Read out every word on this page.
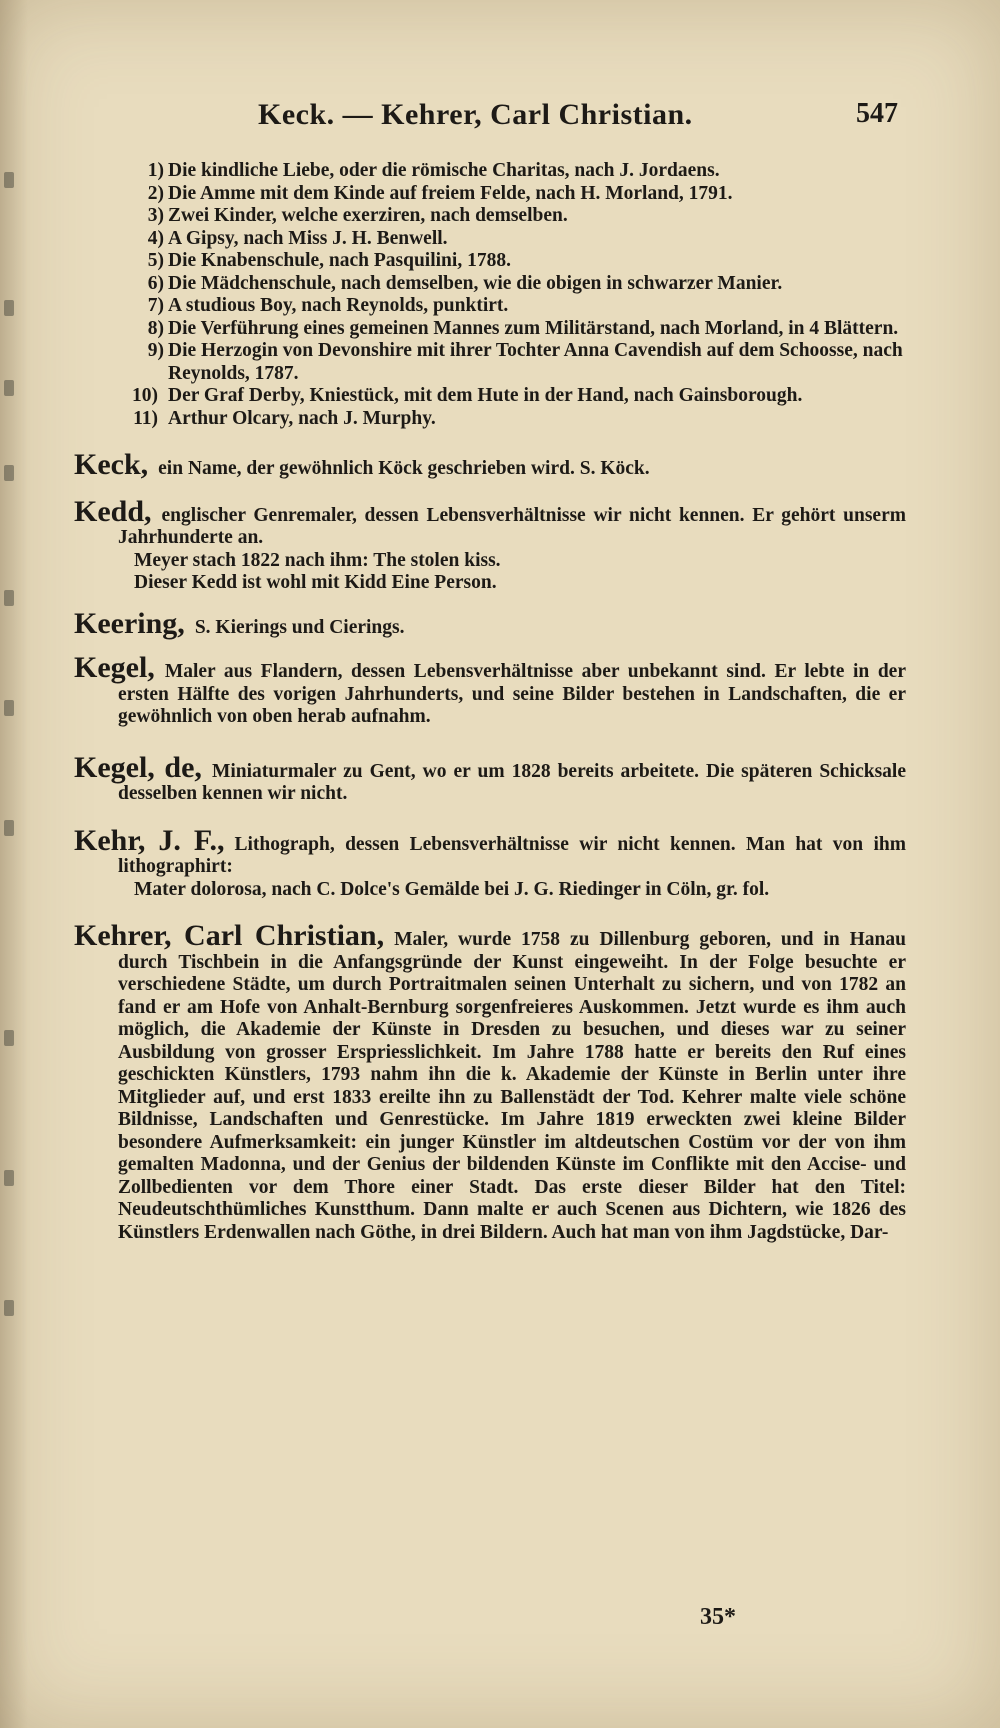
Keck. — Kehrer, Carl Christian.	547
1) Die kindliche Liebe, oder die römische Charitas, nach J. Jordaens.
2) Die Amme mit dem Kinde auf freiem Felde, nach H. Morland, 1791.
3) Zwei Kinder, welche exerziren, nach demselben.
4) A Gipsy, nach Miss J. H. Benwell.
5) Die Knabenschule, nach Pasquilini, 1788.
6) Die Mädchenschule, nach demselben, wie die obigen in schwarzer Manier.
7) A studious Boy, nach Reynolds, punktirt.
8) Die Verführung eines gemeinen Mannes zum Militärstand, nach Morland, in 4 Blättern.
9) Die Herzogin von Devonshire mit ihrer Tochter Anna Cavendish auf dem Schoosse, nach Reynolds, 1787.
10) Der Graf Derby, Kniestück, mit dem Hute in der Hand, nach Gainsborough.
11) Arthur Olcary, nach J. Murphy.

Keck, ein Name, der gewöhnlich Köck geschrieben wird. S. Köck.

Kedd, englischer Genremaler, dessen Lebensverhältnisse wir nicht kennen. Er gehört unserm Jahrhunderte an.

Meyer stach 1822 nach ihm: The stolen kiss.

Dieser Kedd ist wohl mit Kidd Eine Person.

Keering, S. Kierings und Cierings.

Kegel, Maler aus Flandern, dessen Lebensverhältnisse aber unbekannt sind. Er lebte in der ersten Hälfte des vorigen Jahrhunderts, und seine Bilder bestehen in Landschaften, die er gewöhnlich von oben herab aufnahm.

Kegel, de, Miniaturmaler zu Gent, wo er um 1828 bereits arbeitete. Die späteren Schicksale desselben kennen wir nicht.

Kehr, J. F., Lithograph, dessen Lebensverhältnisse wir nicht kennen. Man hat von ihm lithographirt:

Mater dolorosa, nach C. Dolce's Gemälde bei J. G. Riedinger in Cöln, gr. fol.

Kehrer, Carl Christian, Maler, wurde 1758 zu Dillenburg geboren, und in Hanau durch Tischbein in die Anfangsgründe der Kunst eingeweiht. In der Folge besuchte er verschiedene Städte, um durch Portraitmalen seinen Unterhalt zu sichern, und von 1782 an fand er am Hofe von Anhalt-Bernburg sorgenfreieres Auskommen. Jetzt wurde es ihm auch möglich, die Akademie der Künste in Dresden zu besuchen, und dieses war zu seiner Ausbildung von grosser Erspriesslichkeit. Im Jahre 1788 hatte er bereits den Ruf eines geschickten Künstlers, 1793 nahm ihn die k. Akademie der Künste in Berlin unter ihre Mitglieder auf, und erst 1833 ereilte ihn zu Ballenstädt der Tod. Kehrer malte viele schöne Bildnisse, Landschaften und Genrestücke. Im Jahre 1819 erweckten zwei kleine Bilder besondere Aufmerksamkeit: ein junger Künstler im altdeutschen Costüm vor der von ihm gemalten Madonna, und der Genius der bildenden Künste im Conflikte mit den Accise- und Zollbedienten vor dem Thore einer Stadt. Das erste dieser Bilder hat den Titel: Neudeutschthümliches Kunstthum. Dann malte er auch Scenen aus Dichtern, wie 1826 des Künstlers Erdenwallen nach Göthe, in drei Bildern. Auch hat man von ihm Jagdstücke, Dar-

35*
